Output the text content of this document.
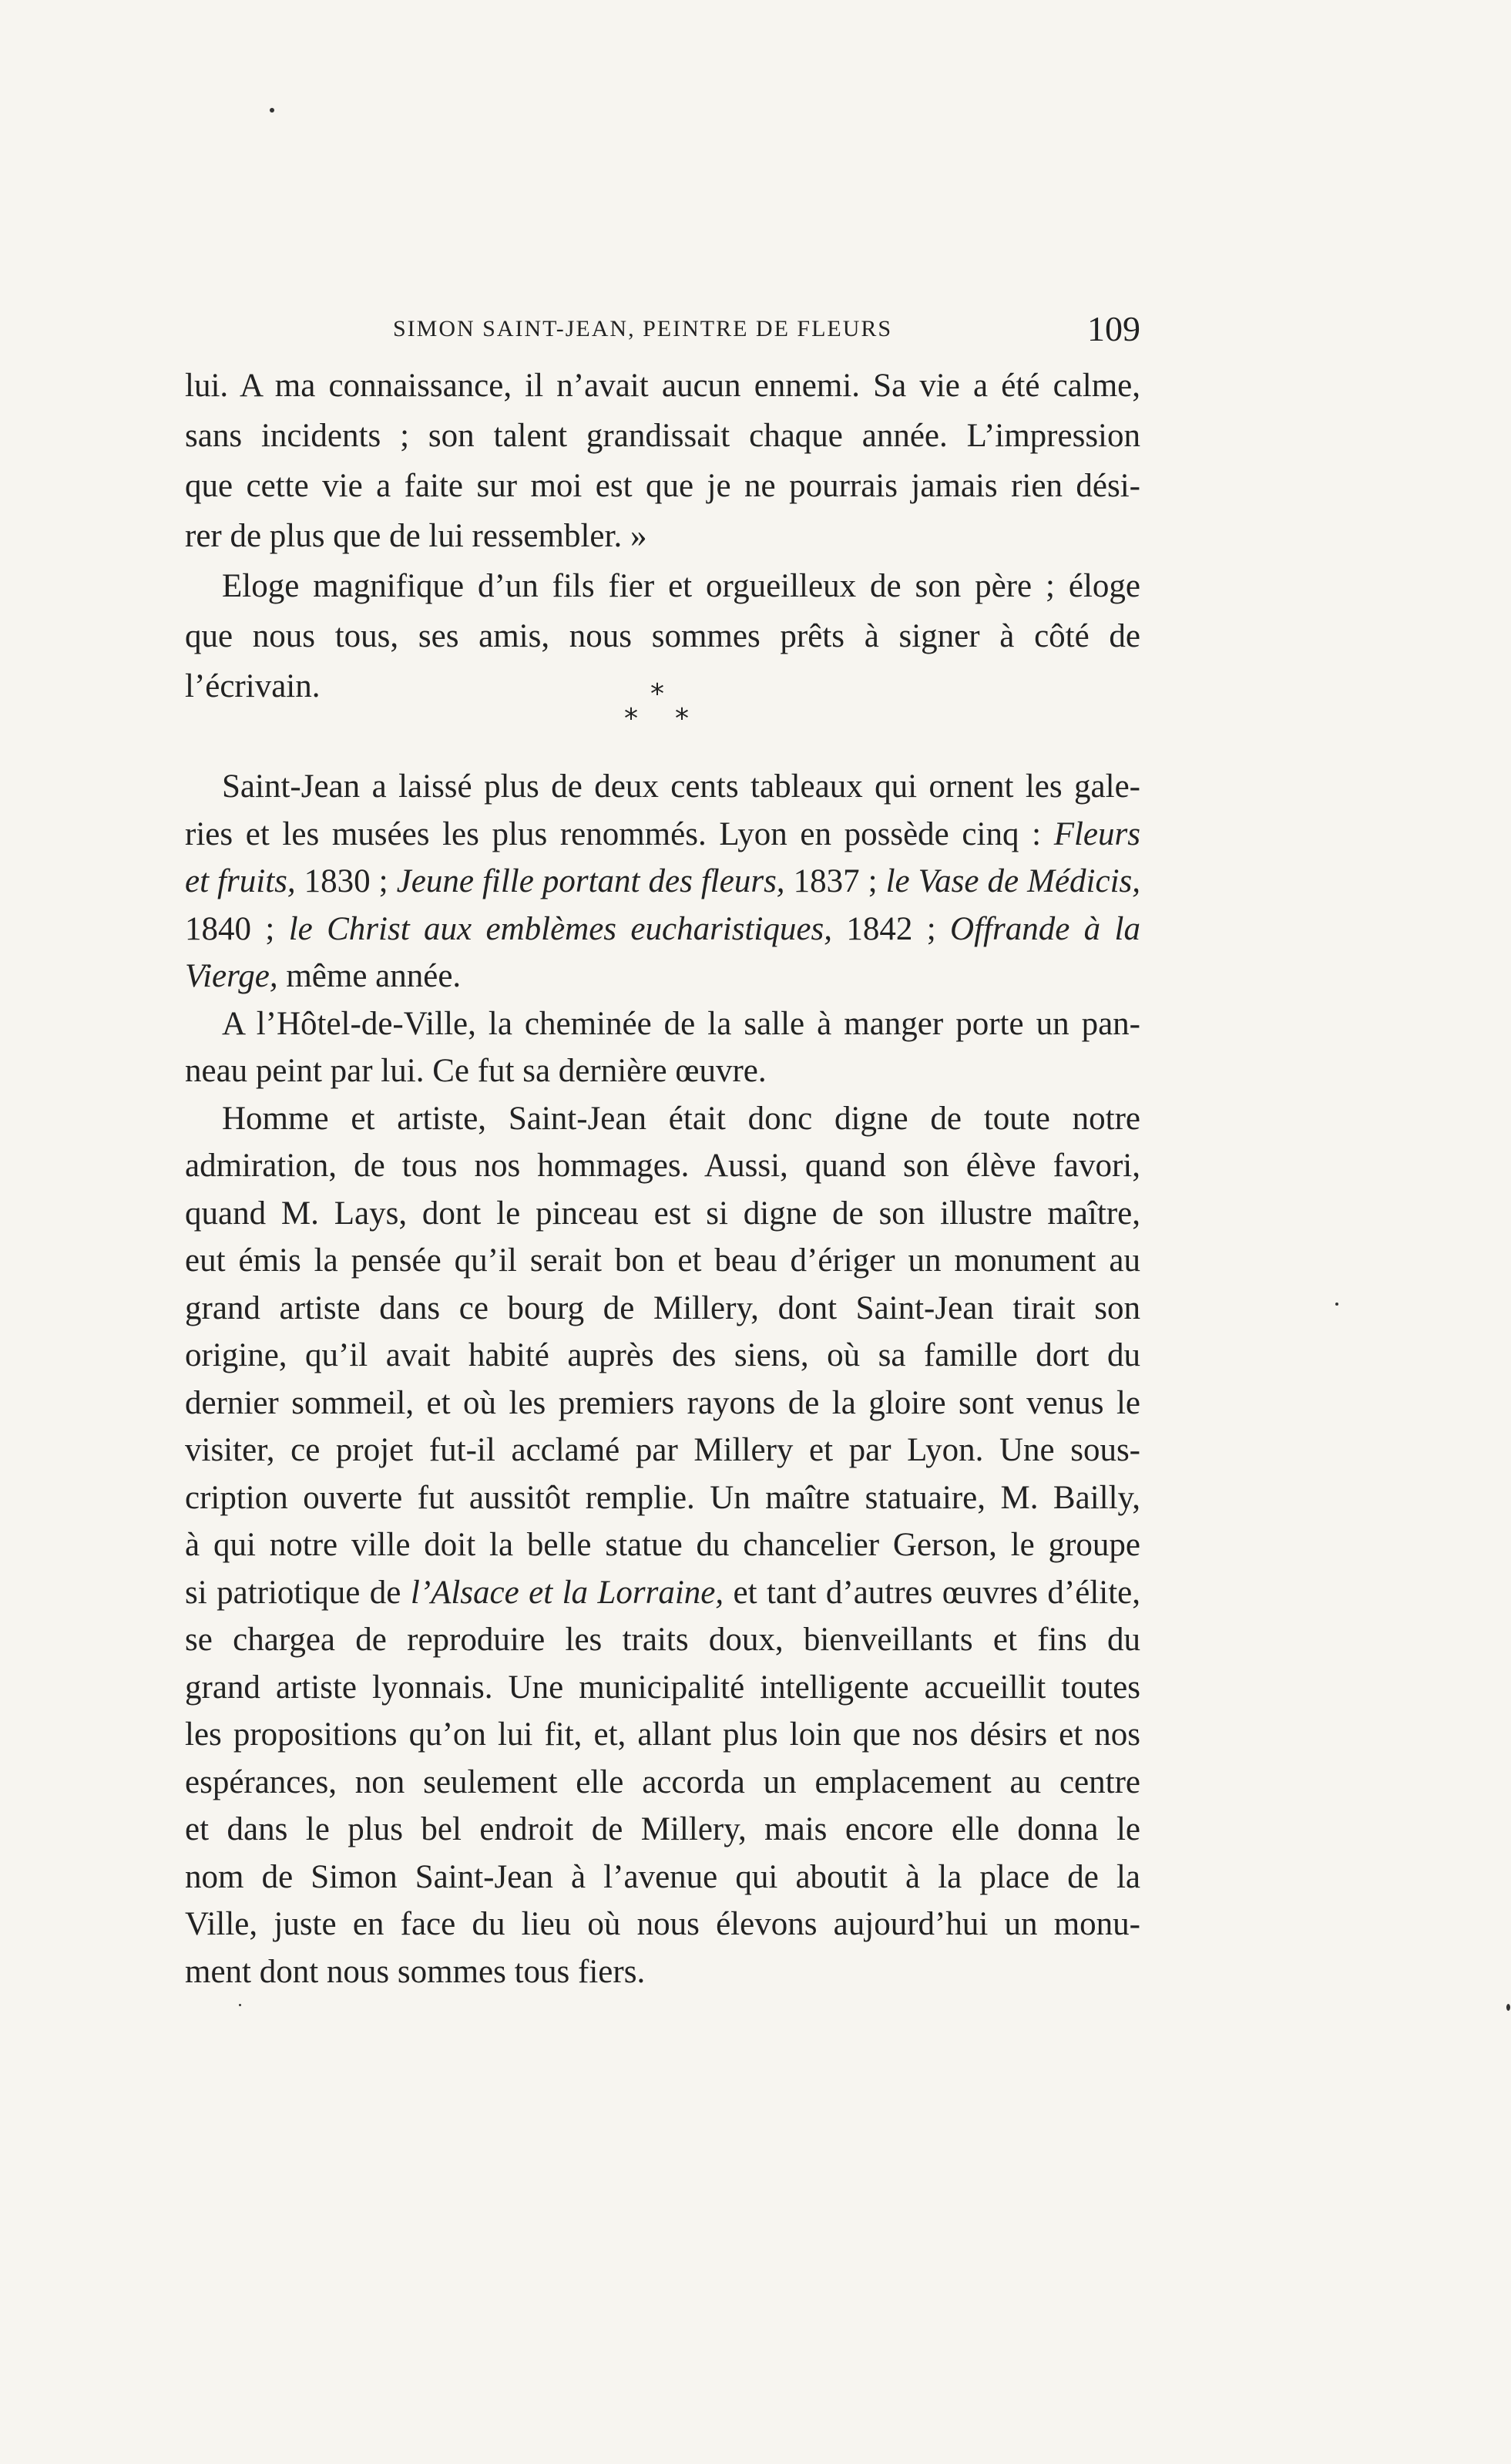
SIMON SAINT-JEAN, PEINTRE DE FLEURS	109
lui. A ma connaissance, il n’avait aucun ennemi. Sa vie a été calme,
sans incidents ; son talent grandissait chaque année. L’impression
que cette vie a faite sur moi est que je ne pourrais jamais rien dési-
rer de plus que de lui ressembler. »
Eloge magnifique d’un fils fier et orgueilleux de son père ; éloge
que nous tous, ses amis, nous sommes prêts à signer à côté de
l’écrivain.	*
* *
Saint-Jean a laissé plus de deux cents tableaux qui ornent les gale-
ries et les musées les plus renommés. Lyon en possède cinq : Fleurs
et fruits, 1830 ; Jeune fille portant des fleurs, 1837 ; le Vase de Médicis,
1840 ; le Christ aux emblèmes eucharistiques, 1842 ; Offrande à la
Vierge, même année.
A l’Hôtel-de-Ville, la cheminée de la salle à manger porte un pan-
neau peint par lui. Ce fut sa dernière œuvre.
Homme et artiste, Saint-Jean était donc digne de toute notre
admiration, de tous nos hommages. Aussi, quand son élève favori,
quand M. Lays, dont le pinceau est si digne de son illustre maître,
eut émis la pensée qu’il serait bon et beau d’ériger un monument au
grand artiste dans ce bourg de Millery, dont Saint-Jean tirait son
origine, qu’il avait habité auprès des siens, où sa famille dort du
dernier sommeil, et où les premiers rayons de la gloire sont venus le
visiter, ce projet fut-il acclamé par Millery et par Lyon. Une sous-
cription ouverte fut aussitôt remplie. Un maître statuaire, M. Bailly,
à qui notre ville doit la belle statue du chancelier Gerson, le groupe
si patriotique de l’Alsace et la Lorraine, et tant d’autres œuvres d’élite,
se chargea de reproduire les traits doux, bienveillants et fins du
grand artiste lyonnais. Une municipalité intelligente accueillit toutes
les propositions qu’on lui fit, et, allant plus loin que nos désirs et nos
espérances, non seulement elle accorda un emplacement au centre
et dans le plus bel endroit de Millery, mais encore elle donna le
nom de Simon Saint-Jean à l’avenue qui aboutit à la place de la
Ville, juste en face du lieu où nous élevons aujourd’hui un monu-
ment dont nous sommes tous fiers.
